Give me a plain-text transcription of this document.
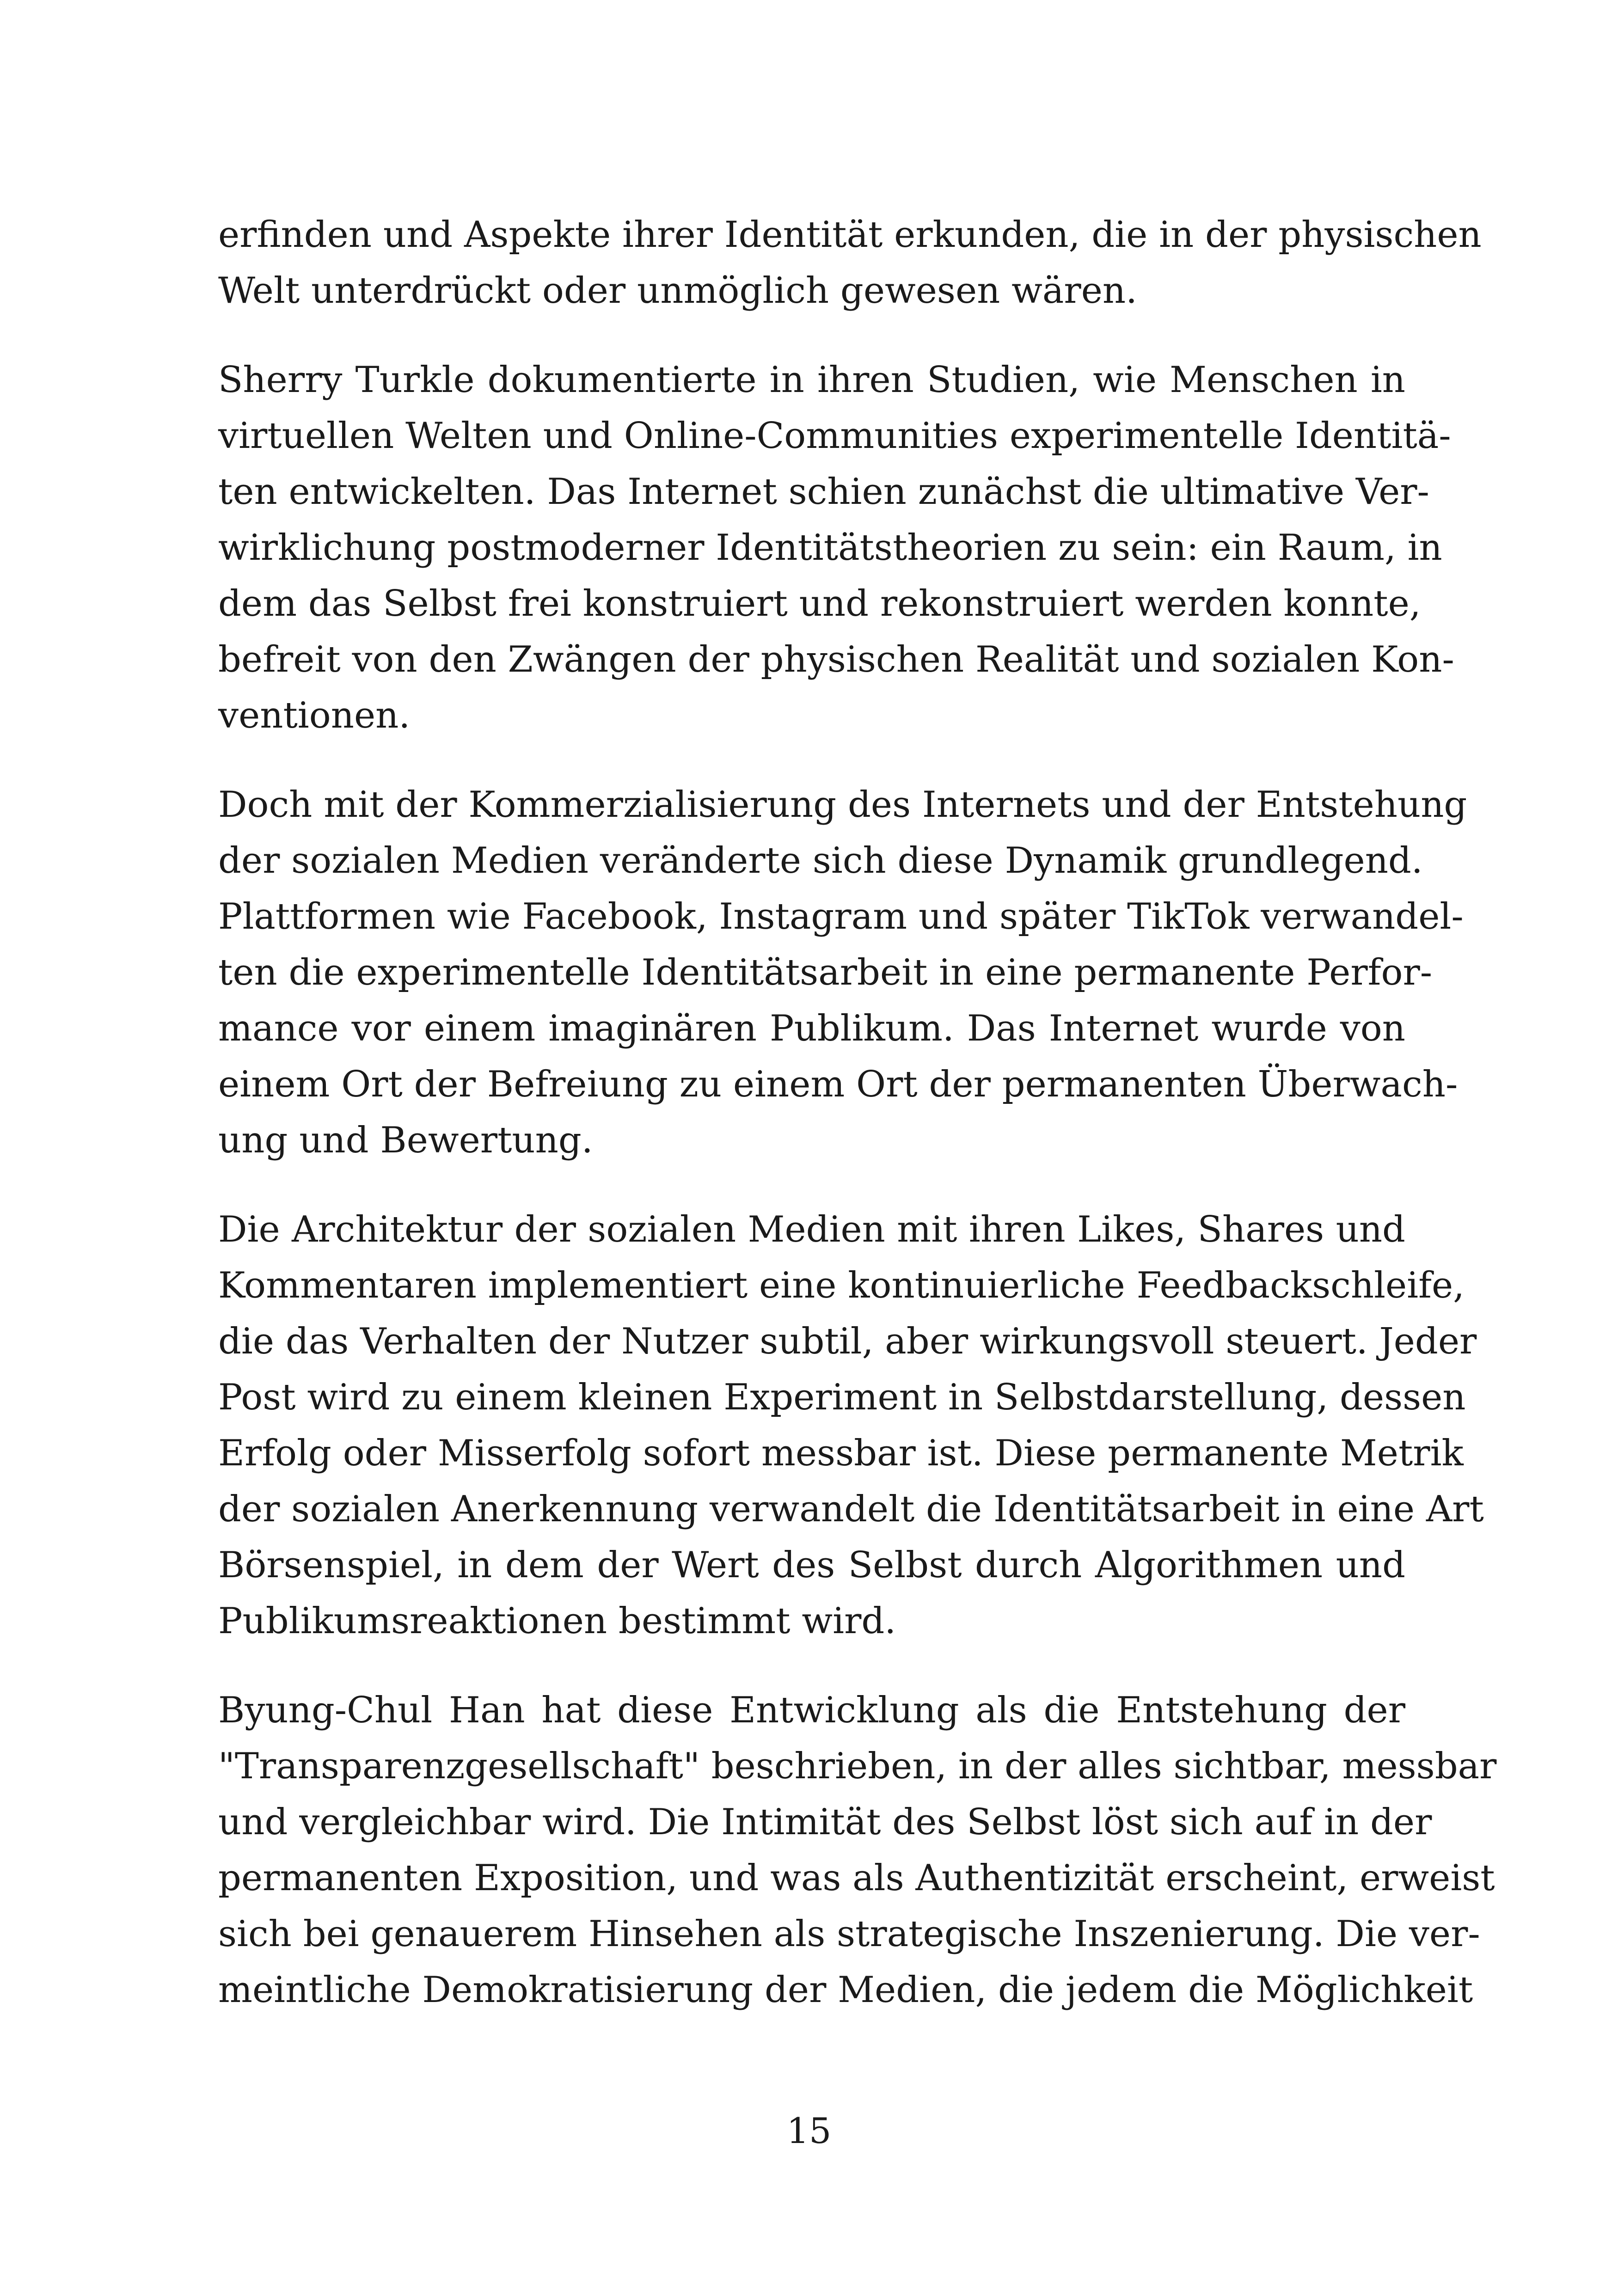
erfinden und Aspekte ihrer Identität erkunden, die in der physischen
Welt unterdrückt oder unmöglich gewesen wären.

Sherry Turkle dokumentierte in ihren Studien, wie Menschen in
virtuellen Welten und Online-Communities experimentelle Identitä-
ten entwickelten. Das Internet schien zunächst die ultimative Ver-
wirklichung postmoderner Identitätstheorien zu sein: ein Raum, in
dem das Selbst frei konstruiert und rekonstruiert werden konnte,
befreit von den Zwängen der physischen Realität und sozialen Kon-
ventionen.

Doch mit der Kommerzialisierung des Internets und der Entstehung
der sozialen Medien veränderte sich diese Dynamik grundlegend.
Plattformen wie Facebook, Instagram und später TikTok verwandel-
ten die experimentelle Identitätsarbeit in eine permanente Perfor-
mance vor einem imaginären Publikum. Das Internet wurde von
einem Ort der Befreiung zu einem Ort der permanenten Überwach-
ung und Bewertung.

Die Architektur der sozialen Medien mit ihren Likes, Shares und
Kommentaren implementiert eine kontinuierliche Feedbackschleife,
die das Verhalten der Nutzer subtil, aber wirkungsvoll steuert. Jeder
Post wird zu einem kleinen Experiment in Selbstdarstellung, dessen
Erfolg oder Misserfolg sofort messbar ist. Diese permanente Metrik
der sozialen Anerkennung verwandelt die Identitätsarbeit in eine Art
Börsenspiel, in dem der Wert des Selbst durch Algorithmen und
Publikumsreaktionen bestimmt wird.

Byung-Chul Han hat diese Entwicklung als die Entstehung der
"Transparenzgesellschaft" beschrieben, in der alles sichtbar, messbar
und vergleichbar wird. Die Intimität des Selbst löst sich auf in der
permanenten Exposition, und was als Authentizität erscheint, erweist
sich bei genauerem Hinsehen als strategische Inszenierung. Die ver-
meintliche Demokratisierung der Medien, die jedem die Möglichkeit

15
